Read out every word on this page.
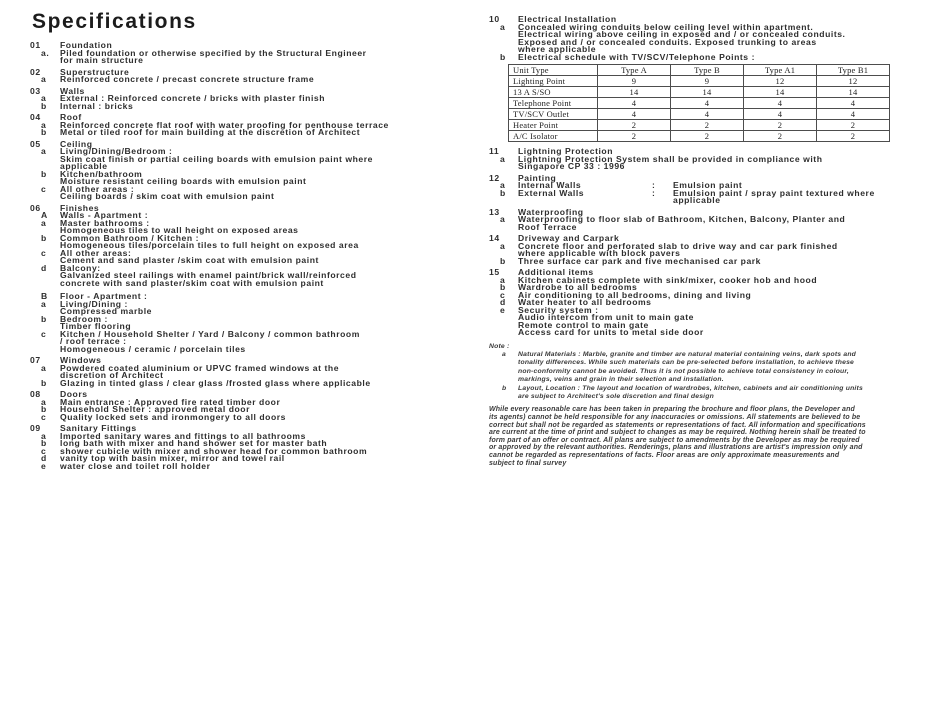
Specifications
01	Foundation
a.	Piled foundation or otherwise specified by the Structural Engineer
for main structure
02	Superstructure
a	Reinforced concrete / precast concrete structure frame
03	Walls
a	External : Reinforced concrete / bricks with plaster finish
b	Internal : bricks
04	Roof
a	Reinforced concrete flat roof with water proofing for penthouse terrace
b	Metal or tiled roof for main building at the discretion of Architect
05	Ceiling
a	Living/Dining/Bedroom :
Skim coat finish or partial ceiling boards with emulsion paint where
applicable
b	Kitchen/bathroom
Moisture resistant ceiling boards with emulsion paint
c	All other areas :
Ceiling boards / skim coat with emulsion paint
06	Finishes
A	Walls - Apartment :
a	Master bathrooms :
Homogeneous tiles to wall height on exposed areas
b	Common Bathroom / Kitchen :
Homogeneous tiles/porcelain tiles to full height on exposed area
c	All other areas:
Cement and sand plaster /skim coat with emulsion paint
d	Balcony:
Galvanized steel railings with enamel paint/brick wall/reinforced
concrete with sand plaster/skim coat with emulsion paint
B	Floor - Apartment :
a	Living/Dining :
Compressed marble
b	Bedroom :
Timber flooring
c	Kitchen / Household Shelter / Yard / Balcony / common bathroom
/ roof terrace :
Homogeneous / ceramic / porcelain tiles
07	Windows
a	Powdered coated aluminium or UPVC framed windows at the
discretion of Architect
b	Glazing in tinted glass / clear glass /frosted glass where applicable
08	Doors
a	Main entrance : Approved fire rated timber door
b	Household Shelter : approved metal door
c	Quality locked sets and ironmongery to all doors
09	Sanitary Fittings
a	Imported sanitary wares and fittings to all bathrooms
b	long bath with mixer and hand shower set for master bath
c	shower cubicle with mixer and shower head for common bathroom
d	vanity top with basin mixer, mirror and towel rail
e	water close and toilet roll holder
10	Electrical Installation
a	Concealed wiring conduits below ceiling level within apartment.
Electrical wiring above ceiling in exposed and / or concealed conduits.
Exposed and / or concealed conduits. Exposed trunking to areas
where applicable
b	Electrical schedule with TV/SCV/Telephone Points :
Unit Type	Type A	Type B	Type A1	Type B1
Lighting Point	9	9	12	12
13 A S/SO	14	14	14	14
Telephone Point	4	4	4	4
TV/SCV Outlet	4	4	4	4
Heater Point	2	2	2	2
A/C Isolator	2	2	2	2
11	Lightning Protection
a	Lightning Protection System shall be provided in compliance with
Singapore CP 33 : 1996
12	Painting
a	Internal Walls	: Emulsion paint
b	External Walls	: Emulsion paint / spray paint textured where
applicable
13	Waterproofing
a	Waterproofing to floor slab of Bathroom, Kitchen, Balcony, Planter and
Roof Terrace
14	Driveway and Carpark
a	Concrete floor and perforated slab to drive way and car park finished
where applicable with block pavers
b	Three surface car park and five mechanised car park
15	Additional items
a	Kitchen cabinets complete with sink/mixer, cooker hob and hood
b	Wardrobe to all bedrooms
c	Air conditioning to all bedrooms, dining and living
d	Water heater to all bedrooms
e	Security system :
Audio intercom from unit to main gate
Remote control to main gate
Access card for units to metal side door
Note :
a	Natural Materials : Marble, granite and timber are natural material containing veins, dark spots and
tonality differences. While such materials can be pre-selected before installation, to achieve these
non-conformity cannot be avoided. Thus it is not possible to achieve total consistency in colour,
markings, veins and grain in their selection and installation.
b	Layout, Location : The layout and location of wardrobes, kitchen, cabinets and air conditioning units
are subject to Architect's sole discretion and final design
While every reasonable care has been taken in preparing the brochure and floor plans, the Developer and
its agents) cannot be held responsible for any inaccuracies or omissions. All statements are believed to be
correct but shall not be regarded as statements or representations of fact. All information and specifications
are current at the time of print and subject to changes as may be required. Nothing herein shall be treated to
form part of an offer or contract. All plans are subject to amendments by the Developer as may be required
or approved by the relevant authorities. Renderings, plans and illustrations are artist's impression only and
cannot be regarded as representations of facts. Floor areas are only approximate measurements and
subject to final survey
